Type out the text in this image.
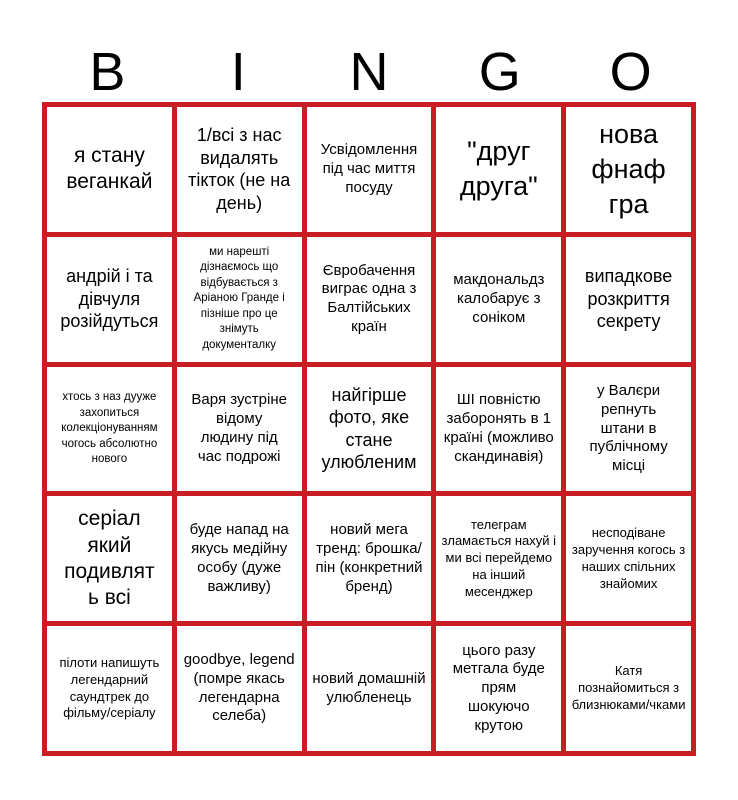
B	I	N	G	O
я стану веганкай
1/всі з нас видалять тікток (не на день)
Усвідомлення під час миття посуду
"друг друга"
нова фнаф гра
андрій і та дівчуля розійдуться
ми нарешті дізнаємось що відбувається з Аріаною Гранде і пізніше про це знімуть документалку
Євробачення виграє одна з Балтійських країн
макдональдз калобарує з соніком
випадкове розкриття секрету
хтось з наз дууже захопиться колекціонуванням чогось абсолютно нового
Варя зустріне відому людину під час подрожі
найгірше фото, яке стане улюбленим
ШІ повністю заборонять в 1 країні (можливо скандинавія)
у Валєри репнуть штани в публічному місці
серіал який подивлять всі
буде напад на якусь медійну особу (дуже важливу)
новий мега тренд: брошка/пін (конкретний бренд)
телеграм зламається нахуй і ми всі перейдемо на інший месенджер
несподіване заручення когось з наших спільних знайомих
пілоти напишуть легендарний саундтрек до фільму/серіалу
goodbye, legend (помре якась легендарна селеба)
новий домашній улюбленець
цього разу метгала буде прям шокуючо крутою
Катя познайомиться з близнюками/чками
